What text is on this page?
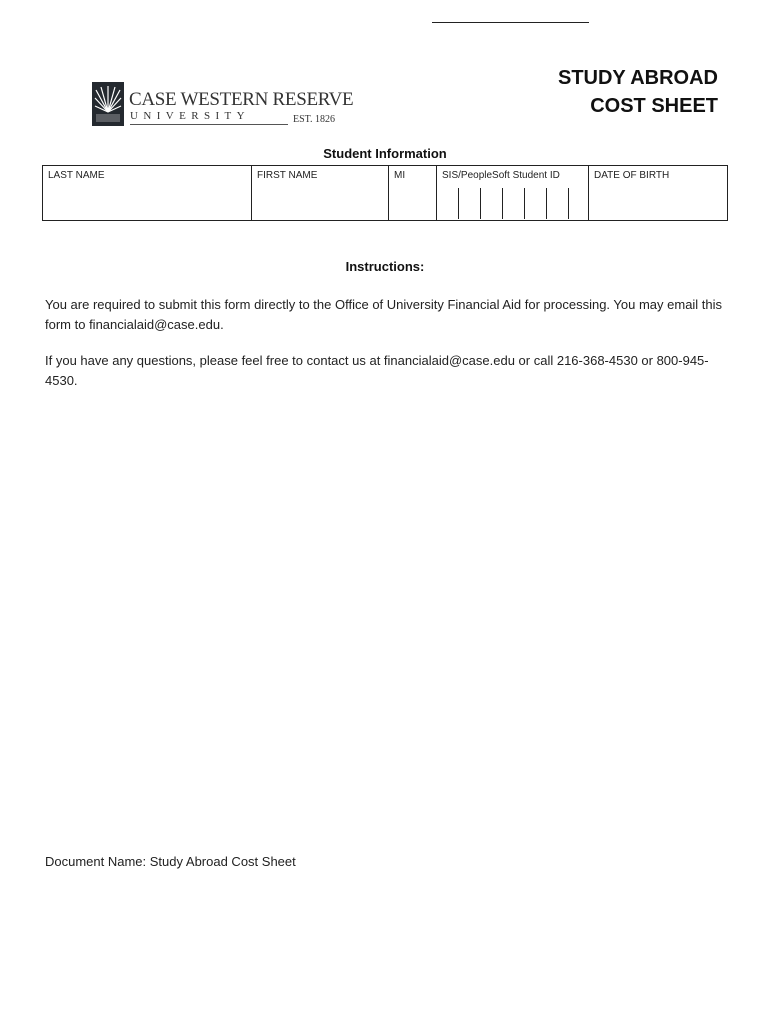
CASE WESTERN RESERVE
UNIVERSITY	EST. 1826
STUDY ABROAD
COST SHEET
Student Information
LAST NAME	FIRST NAME	MI	SIS/PeopleSoft Student ID	DATE OF BIRTH
Instructions:
You are required to submit this form directly to the Office of University Financial Aid for processing. You may email this form to financialaid@case.edu.
If you have any questions, please feel free to contact us at financialaid@case.edu or call 216-368-4530 or 800-945-4530.
Document Name: Study Abroad Cost Sheet
